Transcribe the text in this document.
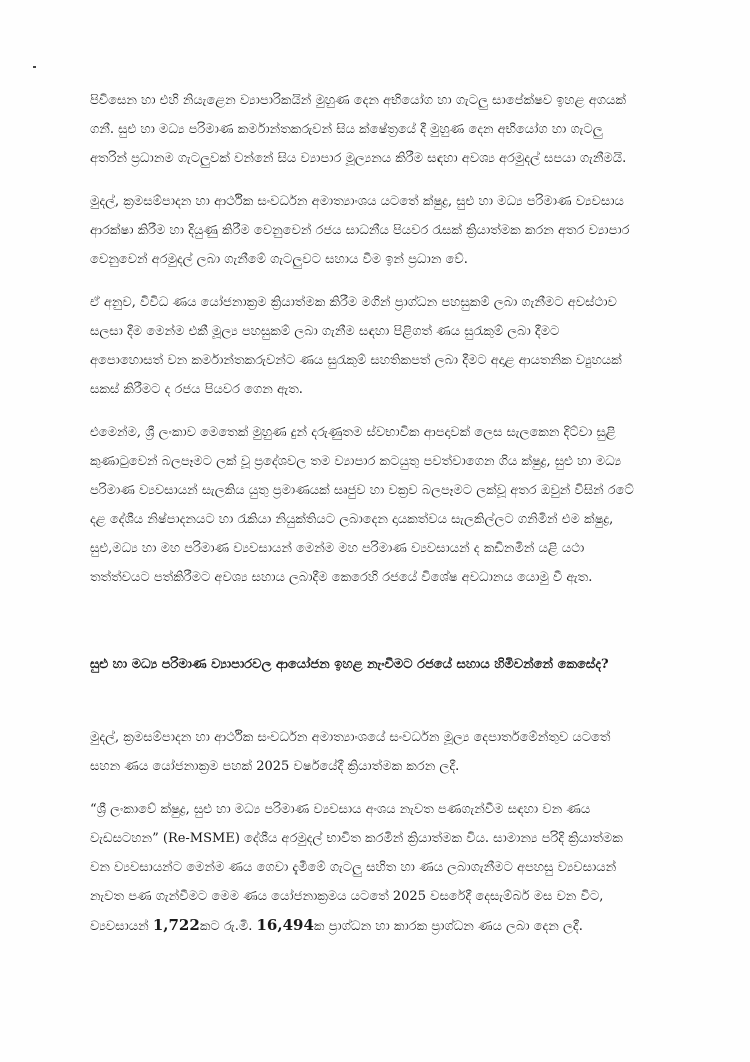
පිවිසෙන හා එහි නියැළෙන ව්‍යාපාරිකයින් මුහුණ දෙන අභියෝග හා ගැටලු සාපේක්ෂව ඉහළ අගයක්
ගනී. සුළු හා මධ්‍ය පරිමාණ කර්මාන්තකරුවන් සිය ක්ෂේත්‍රයේ දී මුහුණ දෙන අභියෝග හා ගැටලු
අතරින් ප්‍රධානම ගැටලුවක් වන්නේ සිය ව්‍යාපාර මූල්‍යනය කිරීම සඳහා අවශ්‍ය අරමුදල් සපයා ගැනීමයි.

මුදල්, ක්‍රමසම්පාදන හා ආර්ථික සංවර්ධන අමාත්‍යාංශය යටතේ ක්ෂුද්‍ර, සුළු හා මධ්‍ය පරිමාණ ව්‍යවසාය
ආරක්ෂා කිරීම හා දියුණු කිරීම වෙනුවෙන් රජය සාධනීය පියවර රැසක් ක්‍රියාත්මක කරන අතර ව්‍යාපාර
වෙනුවෙන් අරමුදල් ලබා ගැනීමේ ගැටලුවට සහාය වීම ඉන් ප්‍රධාන වේ.

ඒ අනුව, විවිධ ණය යෝජනාක්‍රම ක්‍රියාත්මක කිරීම මගින් ප්‍රාග්ධන පහසුකම් ලබා ගැනීමට අවස්ථාව
සලසා දීම මෙන්ම එකී මූල්‍ය පහසුකම් ලබා ගැනීම සඳහා පිළිගත් ණය සුරැකුම් ලබා දීමට
අපොහොසත් වන කර්මාන්තකරුවන්ට ණය සුරැකුම් සහතිකපත් ලබා දීමට අදාළ ආයතනික ව්‍යුහයක්
සකස් කිරීමට ද රජය පියවර ගෙන ඇත.

එමෙන්ම, ශ්‍රී ලංකාව මෙතෙක් මුහුණ දුන් දරුණුතම ස්වභාවික ආපදාවක් ලෙස සැලකෙන දිට්වා සුළි
කුණාටුවෙන් බලපෑමට ලක් වූ ප්‍රදේශවල තම ව්‍යාපාර කටයුතු පවත්වාගෙන ගිය ක්ෂුද්‍ර, සුළු හා මධ්‍ය
පරිමාණ ව්‍යවසායන් සැලකිය යුතු ප්‍රමාණයක් සෘජුව හා වක්‍රව බලපෑමට ලක්වූ අතර ඔවුන් විසින් රටේ
දළ දේශීය නිෂ්පාදනයට හා රැකියා නියුක්තියට ලබාදෙන දායකත්වය සැලකිල්ලට ගනිමින් එම ක්ෂුද්‍ර,
සුළු,මධ්‍ය හා මහ පරිමාණ ව්‍යවසායන් මෙන්ම මහ පරිමාණ ව්‍යවසායන් ද කඩිනමින් යළි යථා
තත්ත්වයට පත්කිරීමට අවශ්‍ය සහාය ලබාදීම කෙරෙහි රජයේ විශේෂ අවධානය යොමු වී ඇත.

සුළු හා මධ්‍ය පරිමාණ ව්‍යාපාරවල ආයෝජන ඉහළ නැංවීමට රජයේ සහාය හිමිවන්නේ කෙසේද?

මුදල්, ක්‍රමසම්පාදන හා ආර්ථික සංවර්ධන අමාත්‍යාංශයේ සංවර්ධන මූල්‍ය දෙපාර්තමේන්තුව යටතේ
සහන ණය යෝජනාක්‍රම පහක් 2025 වර්ෂයේදී ක්‍රියාත්මක කරන ලදී.

“ශ්‍රී ලංකාවේ ක්ෂුද්‍ර, සුළු හා මධ්‍ය පරිමාණ ව්‍යවසාය අංශය නැවත පණගැන්වීම සඳහා වන ණය
වැඩසටහන” (Re-MSME) දේශීය අරමුදල් භාවිත කරමින් ක්‍රියාත්මක විය. සාමාන්‍ය පරිදි ක්‍රියාත්මක
වන ව්‍යවසායන්ට මෙන්ම ණය ගෙවා දැමීමේ ගැටලු සහිත හා ණය ලබාගැනීමට අපහසු ව්‍යවසායන්
නැවත පණ ගැන්වීමට මෙම ණය යෝජනාක්‍රමය යටතේ 2025 වසරේදී දෙසැම්බර් මස වන විට,
ව්‍යවසායන් 1,722කට රු.මි. 16,494ක ප්‍රාග්ධන හා කාරක ප්‍රාග්ධන ණය ලබා දෙන ලදී.
